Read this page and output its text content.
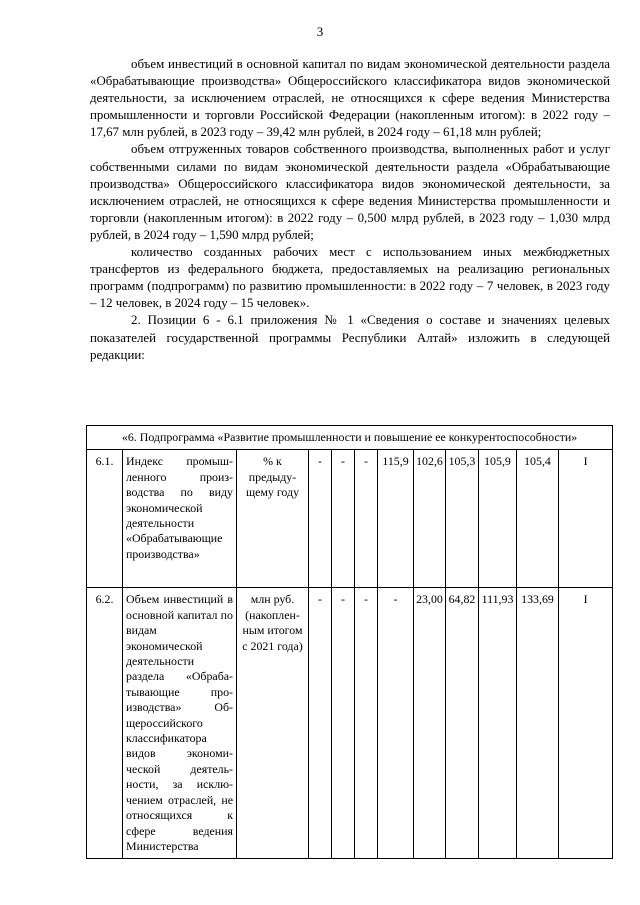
3

объем инвестиций в основной капитал по видам экономической деятельности раздела «Обрабатывающие производства» Общероссийского классификатора видов экономической деятельности, за исключением отраслей, не относящихся к сфере ведения Министерства промышленности и торговли Российской Федерации (накопленным итогом): в 2022 году – 17,67 млн рублей, в 2023 году – 39,42 млн рублей, в 2024 году – 61,18 млн рублей;

объем отгруженных товаров собственного производства, выполненных работ и услуг собственными силами по видам экономической деятельности раздела «Обрабатывающие производства» Общероссийского классификатора видов экономической деятельности, за исключением отраслей, не относящихся к сфере ведения Министерства промышленности и торговли (накопленным итогом): в 2022 году – 0,500 млрд рублей, в 2023 году – 1,030 млрд рублей, в 2024 году – 1,590 млрд рублей;

количество созданных рабочих мест с использованием иных межбюджетных трансфертов из федерального бюджета, предоставляемых на реализацию региональных программ (подпрограмм) по развитию промышленности: в 2022 году – 7 человек, в 2023 году – 12 человек, в 2024 году – 15 человек».

2. Позиции 6 - 6.1 приложения № 1 «Сведения о составе и значениях целевых показателей государственной программы Республики Алтай» изложить в следующей редакции:

«6. Подпрограмма «Развитие промышленности и повышение ее конкурентоспособности»											
6.1.	Индекс промышленного производства по виду экономической деятельности «Обрабатывающие производства»	% к предыдущему году	-	-	-	115,9	102,6	105,3	105,9	105,4	I
6.2.	Объем инвестиций в основной капитал по видам экономической деятельности раздела «Обрабатывающие производства» Общероссийского классификатора видов экономической деятельности, за исключением отраслей, не относящихся к сфере ведения Министерства	млн руб. (накопленным итогом с 2021 года)	-	-	-	-	23,00	64,82	111,93	133,69	I
